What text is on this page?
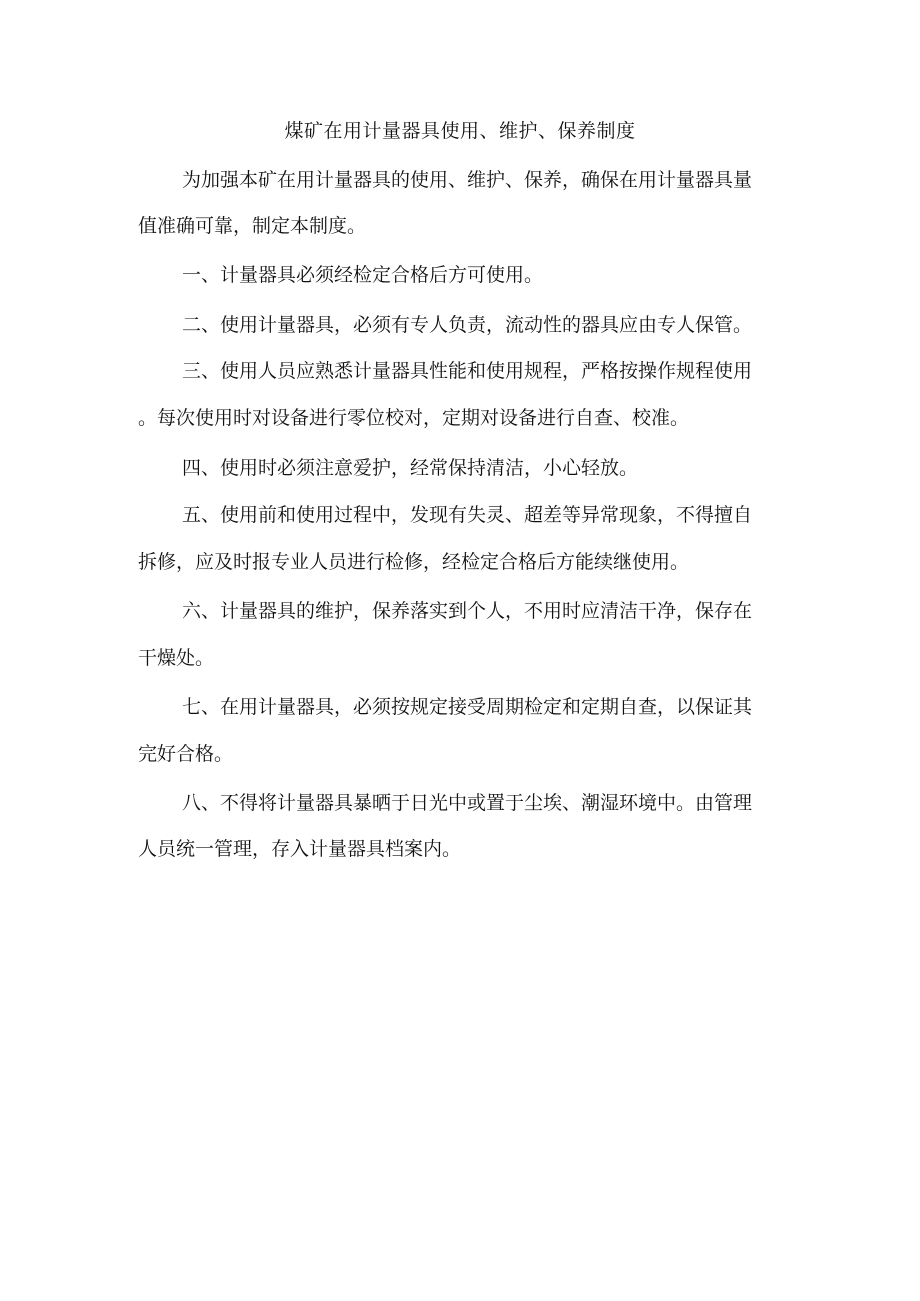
煤矿在用计量器具使用、维护、保养制度

为加强本矿在用计量器具的使用、维护、保养，确保在用计量器具量

值准确可靠，制定本制度。

一、计量器具必须经检定合格后方可使用。

二、使用计量器具，必须有专人负责，流动性的器具应由专人保管。

三、使用人员应熟悉计量器具性能和使用规程，严格按操作规程使用

。每次使用时对设备进行零位校对，定期对设备进行自查、校准。

四、使用时必须注意爱护，经常保持清洁，小心轻放。

五、使用前和使用过程中，发现有失灵、超差等异常现象，不得擅自

拆修，应及时报专业人员进行检修，经检定合格后方能续继使用。

六、计量器具的维护，保养落实到个人，不用时应清洁干净，保存在

干燥处。

七、在用计量器具，必须按规定接受周期检定和定期自查，以保证其

完好合格。

八、不得将计量器具暴晒于日光中或置于尘埃、潮湿环境中。由管理

人员统一管理，存入计量器具档案内。
